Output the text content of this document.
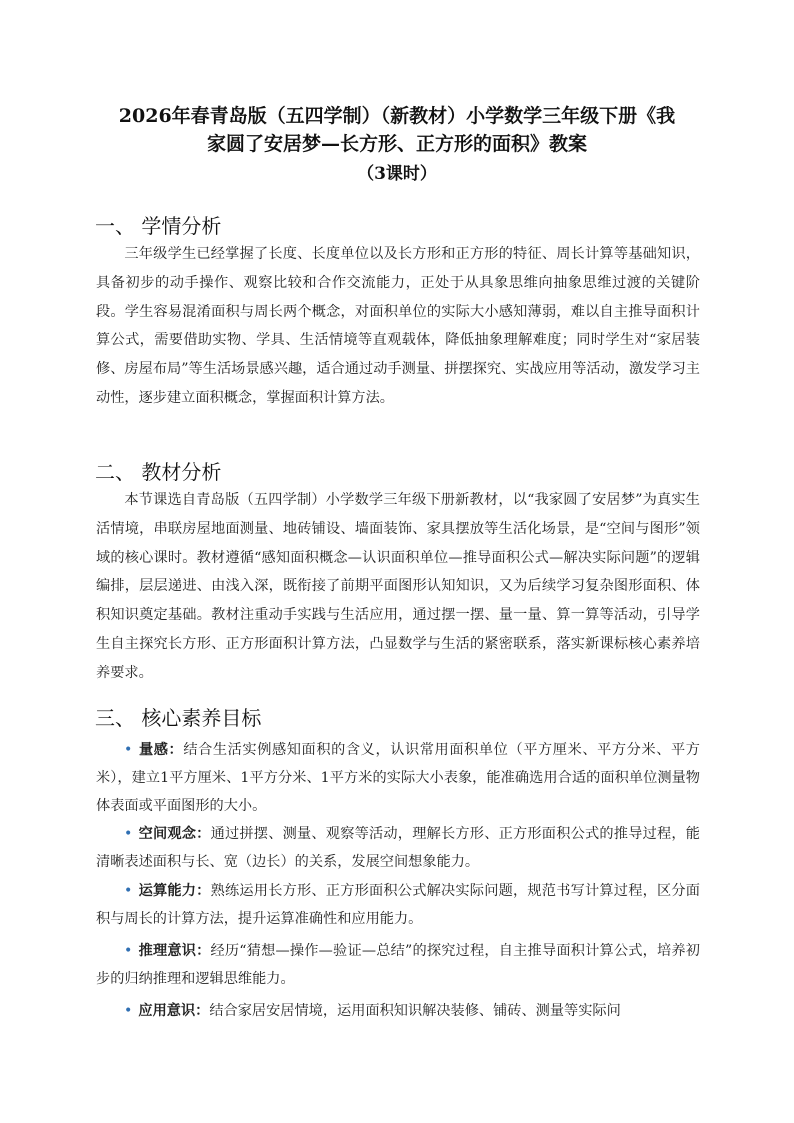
2026年春青岛版（五四学制）（新教材）小学数学三年级下册《我
家圆了安居梦—长方形、正方形的面积》教案
（3课时）
一、 学情分析
三年级学生已经掌握了长度、长度单位以及长方形和正方形的特征、周长计算等基础知识，具备初步的动手操作、观察比较和合作交流能力，正处于从具象思维向抽象思维过渡的关键阶段。学生容易混淆面积与周长两个概念，对面积单位的实际大小感知薄弱，难以自主推导面积计算公式，需要借助实物、学具、生活情境等直观载体，降低抽象理解难度；同时学生对“家居装修、房屋布局”等生活场景感兴趣，适合通过动手测量、拼摆探究、实战应用等活动，激发学习主动性，逐步建立面积概念，掌握面积计算方法。
二、 教材分析
本节课选自青岛版（五四学制）小学数学三年级下册新教材，以“我家圆了安居梦”为真实生活情境，串联房屋地面测量、地砖铺设、墙面装饰、家具摆放等生活化场景，是“空间与图形”领域的核心课时。教材遵循“感知面积概念—认识面积单位—推导面积公式—解决实际问题”的逻辑编排，层层递进、由浅入深，既衔接了前期平面图形认知知识，又为后续学习复杂图形面积、体积知识奠定基础。教材注重动手实践与生活应用，通过摆一摆、量一量、算一算等活动，引导学生自主探究长方形、正方形面积计算方法，凸显数学与生活的紧密联系，落实新课标核心素养培养要求。
三、 核心素养目标
• 量感：结合生活实例感知面积的含义，认识常用面积单位（平方厘米、平方分米、平方米），建立1平方厘米、1平方分米、1平方米的实际大小表象，能准确选用合适的面积单位测量物体表面或平面图形的大小。
• 空间观念：通过拼摆、测量、观察等活动，理解长方形、正方形面积公式的推导过程，能清晰表述面积与长、宽（边长）的关系，发展空间想象能力。
• 运算能力：熟练运用长方形、正方形面积公式解决实际问题，规范书写计算过程，区分面积与周长的计算方法，提升运算准确性和应用能力。
• 推理意识：经历“猜想—操作—验证—总结”的探究过程，自主推导面积计算公式，培养初步的归纳推理和逻辑思维能力。
• 应用意识：结合家居安居情境，运用面积知识解决装修、铺砖、测量等实际问
